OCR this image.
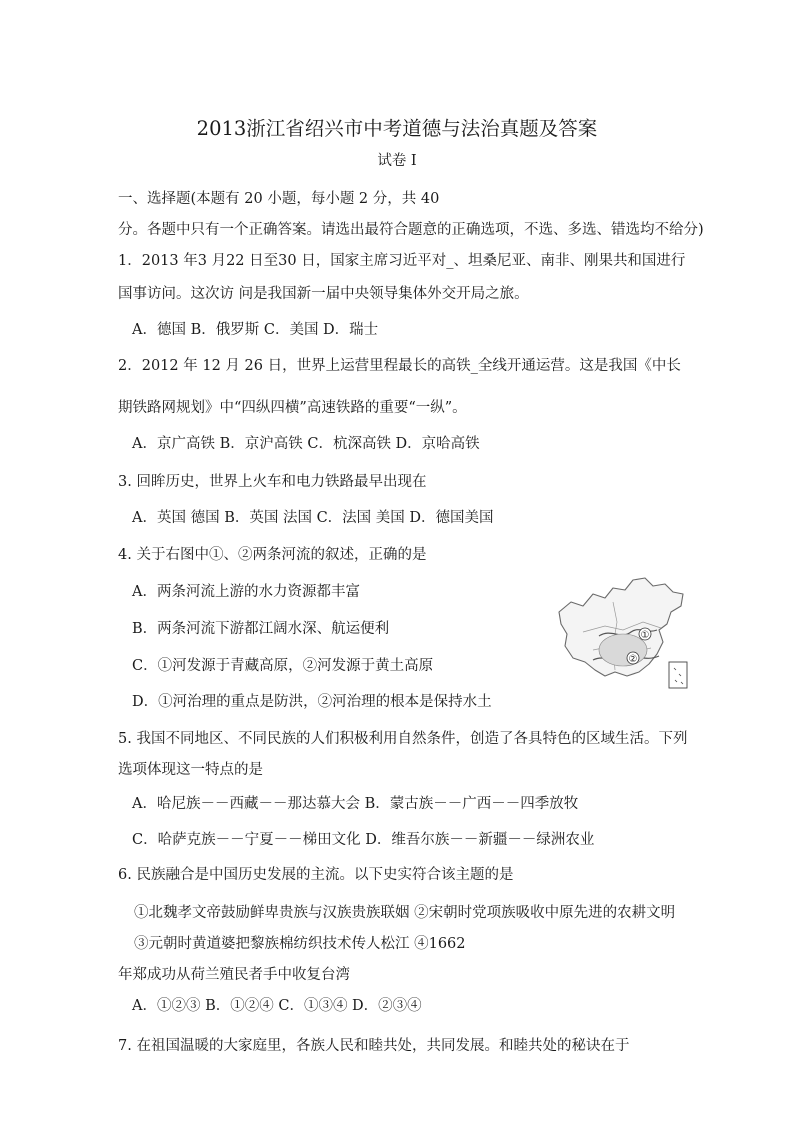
2013浙江省绍兴市中考道德与法治真题及答案
试卷 I
一、选择题(本题有 20 小题，每小题 2 分，共 40
分。各题中只有一个正确答案。请选出最符合题意的正确选项，不选、多选、错选均不给分)
1．2013 年3 月22 日至30 日，国家主席习近平对_、坦桑尼亚、南非、刚果共和国进行
国事访问。这次访 问是我国新一届中央领导集体外交开局之旅。
A．德国 B．俄罗斯 C．美国 D．瑞士
2．2012 年 12 月 26 日，世界上运营里程最长的高铁_全线开通运营。这是我国《中长
期铁路网规划》中“四纵四横”高速铁路的重要“一纵”。
A．京广高铁 B．京沪高铁 C．杭深高铁 D．京哈高铁
3. 回眸历史，世界上火车和电力铁路最早出现在
A．英国 德国 B．英国 法国 C．法国 美国 D．德国美国
4. 关于右图中①、②两条河流的叙述，正确的是
A．两条河流上游的水力资源都丰富
B．两条河流下游都江阔水深、航运便利
C．①河发源于青藏高原，②河发源于黄土高原
D．①河治理的重点是防洪，②河治理的根本是保持水土
①
②
5. 我国不同地区、不同民族的人们积极利用自然条件，创造了各具特色的区域生活。下列
选项体现这一特点的是
A．哈尼族－－西藏－－那达慕大会 B．蒙古族－－广西－－四季放牧
C．哈萨克族－－宁夏－－梯田文化 D．维吾尔族－－新疆－－绿洲农业
6. 民族融合是中国历史发展的主流。以下史实符合该主题的是
①北魏孝文帝鼓励鲜卑贵族与汉族贵族联姻 ②宋朝时党项族吸收中原先进的农耕文明
③元朝时黄道婆把黎族棉纺织技术传人松江 ④1662
年郑成功从荷兰殖民者手中收复台湾
A．①②③ B．①②④ C．①③④ D．②③④
7. 在祖国温暖的大家庭里，各族人民和睦共处，共同发展。和睦共处的秘诀在于
